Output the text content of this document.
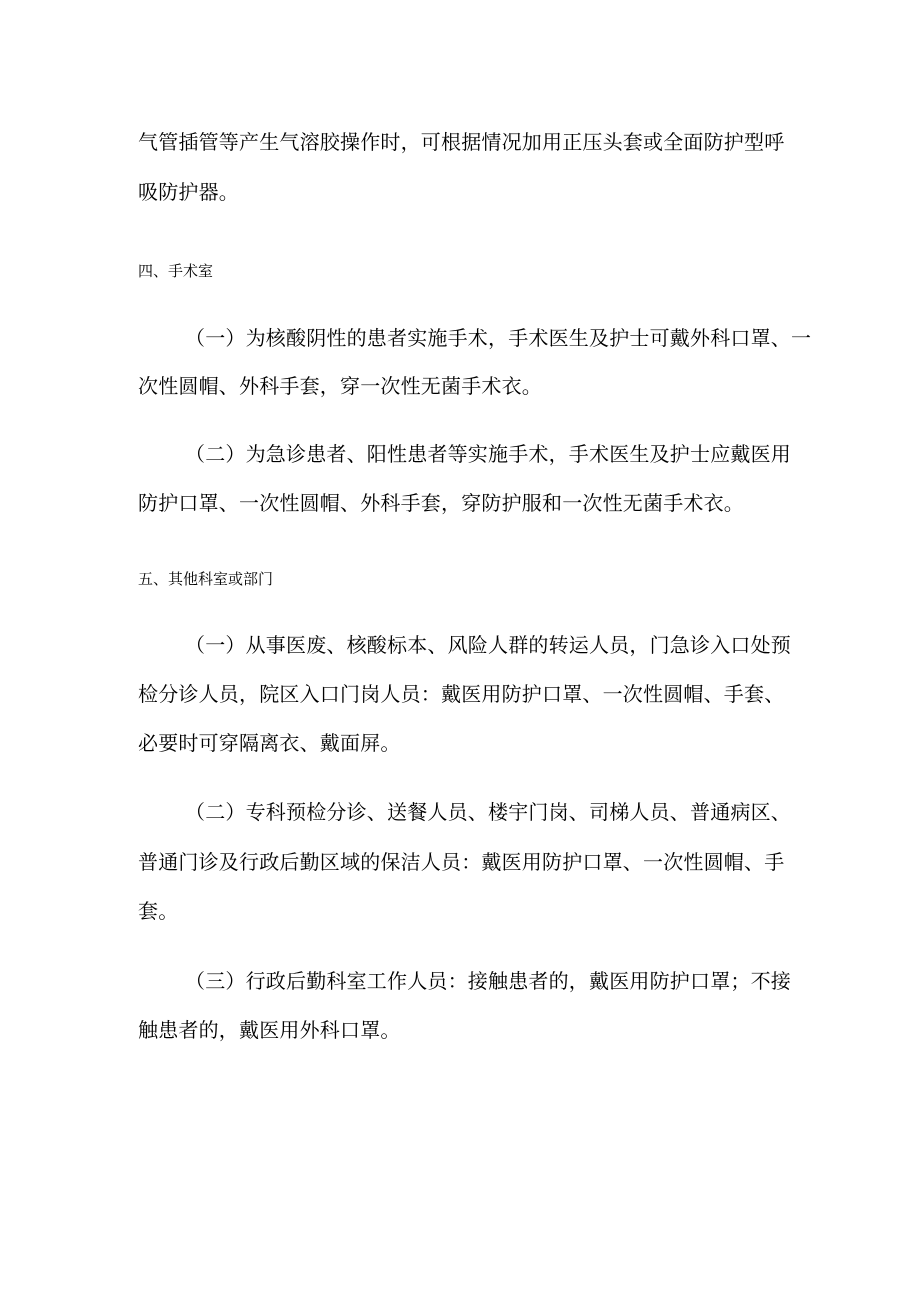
气管插管等产生气溶胶操作时，可根据情况加用正压头套或全面防护型呼
吸防护器。
四、手术室
（一）为核酸阴性的患者实施手术，手术医生及护士可戴外科口罩、一
次性圆帽、外科手套，穿一次性无菌手术衣。
（二）为急诊患者、阳性患者等实施手术，手术医生及护士应戴医用
防护口罩、一次性圆帽、外科手套，穿防护服和一次性无菌手术衣。
五、其他科室或部门
（一）从事医废、核酸标本、风险人群的转运人员，门急诊入口处预
检分诊人员，院区入口门岗人员：戴医用防护口罩、一次性圆帽、手套、
必要时可穿隔离衣、戴面屏。
（二）专科预检分诊、送餐人员、楼宇门岗、司梯人员、普通病区、
普通门诊及行政后勤区域的保洁人员：戴医用防护口罩、一次性圆帽、手
套。
（三）行政后勤科室工作人员：接触患者的，戴医用防护口罩；不接
触患者的，戴医用外科口罩。
